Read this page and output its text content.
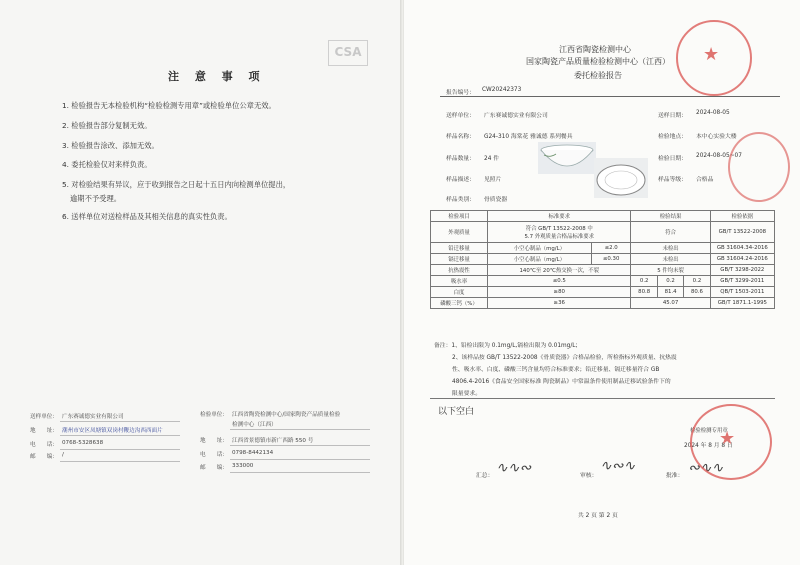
CSA
注 意 事 项
1. 检验报告无本检验机构“检验检测专用章”或检验单位公章无效。
2. 检验报告部分复制无效。
3. 检验报告涂改、添加无效。
4. 委托检验仅对来样负责。
5. 对检验结果有异议，应于收到报告之日起十五日内向检测单位提出，
逾期不予受理。
6. 送样单位对送检样品及其相关信息的真实性负责。
送样单位： 广东赛诚德实业有限公司
地　　址： 潮州市安区凤塘镇双岗村鞭边沟西西面片
电　　话： 0768-5328638
邮　　编： /
检验单位： 江西省陶瓷检测中心/国家陶瓷产品质量检验
检测中心（江西）
地　　址： 江西省景德镇市新广西路 550 号
电　　话： 0798-8442134
邮　　编： 333000
江西省陶瓷检测中心
国家陶瓷产品质量检验检测中心（江西）
委托检验报告
报告编号： CW20242373
送样单位： 广东赛诚德实业有限公司	送样日期： 2024-08-05
样品名称： G24-310 海棠花 雅诚德 系列餐具	检验地点： 本中心实验大楼
样品数量： 24 件	检验日期： 2024-08-05~07
样品描述： 见照片	样品等级： 合格品
样品类别： 骨质瓷器
检验项目	标准要求		检验结果			检验依据
外观质量	符合 GB/T 13522-2008 中
5.7 外观质量合格品标准要求		符合			GB/T 13522-2008
铅迁移量	小空心制品（mg/L）	≤2.0	未检出			GB 31604.34-2016
镉迁移量	小空心制品（mg/L）	≤0.30	未检出			GB 31604.24-2016
抗热震性	140℃至 20℃热交换一次，不裂		5 件均未裂			GB/T 3298-2022
吸水率	≤0.5		0.2	0.2	0.2	GB/T 3299-2011
白度	≥80		80.8	81.4	80.6	QB/T 1503-2011
磷酸三钙（%）	≥36		45.07			GB/T 1871.1-1995
备注：1、铅检出限为 0.1mg/L,镉检出限为 0.01mg/L;
2、该样品按 GB/T 13522-2008《骨质瓷器》合格品检验，所检指标外观质量、抗热震
性、吸水率、白度、磷酸三钙含量均符合标准要求；铅迁移量、镉迁移量符合 GB
4806.4-2016《食品安全国家标准 陶瓷制品》中常温条件使用制品迁移试验条件下的
限量要求。
以下空白
检验检测专用章
2024 年 8 月 8 日
汇总： ∿∿∾	审核：
∿∾∿
批准： ∾∿∿
共 2 页 第 2 页
★
★
